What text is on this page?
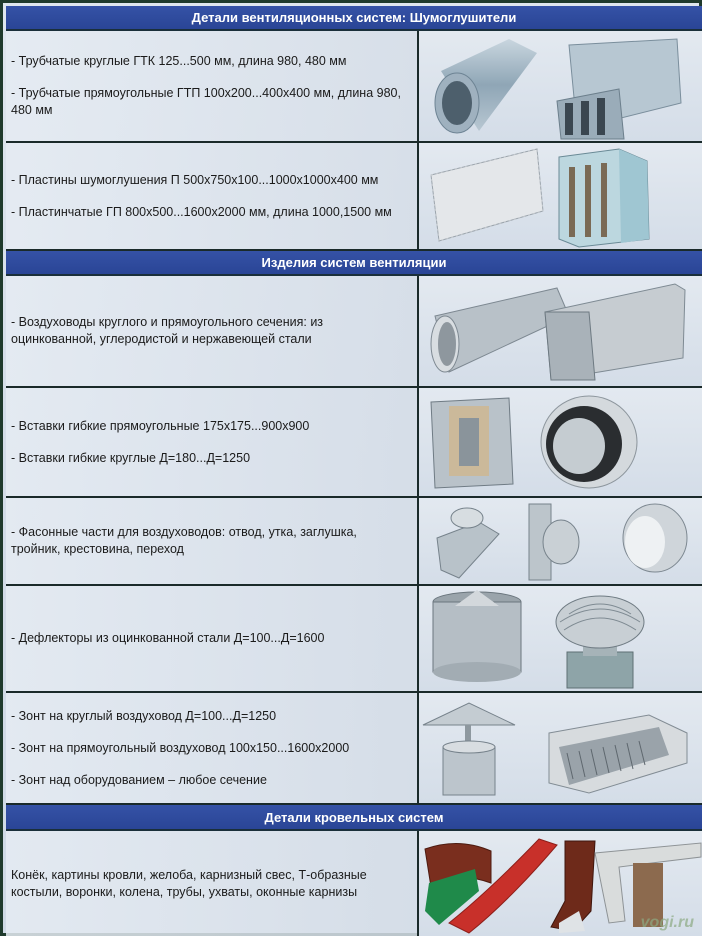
Детали вентиляционных систем: Шумоглушители

- Трубчатые круглые ГТК 125...500 мм, длина 980, 480 мм

- Трубчатые прямоугольные ГТП 100x200...400x400 мм, длина 980, 480 мм

- Пластины шумоглушения П 500x750x100...1000x1000x400 мм

- Пластинчатые ГП 800x500...1600x2000 мм, длина 1000,1500 мм

Изделия систем вентиляции

- Воздуховоды круглого и прямоугольного сечения: из оцинкованной, углеродистой и нержавеющей стали

- Вставки гибкие прямоугольные 175x175...900x900

- Вставки гибкие круглые Д=180...Д=1250

- Фасонные части для воздуховодов: отвод, утка, заглушка, тройник, крестовина, переход

- Дефлекторы из оцинкованной стали Д=100...Д=1600

- Зонт на круглый воздуховод Д=100...Д=1250

- Зонт на прямоугольный воздуховод 100x150...1600x2000

- Зонт над оборудованием – любое сечение

Детали кровельных систем

Конёк, картины кровли, желоба, карнизный свес, Т-образные костыли, воронки, колена, трубы, ухваты, оконные карнизы

vogi.ru
